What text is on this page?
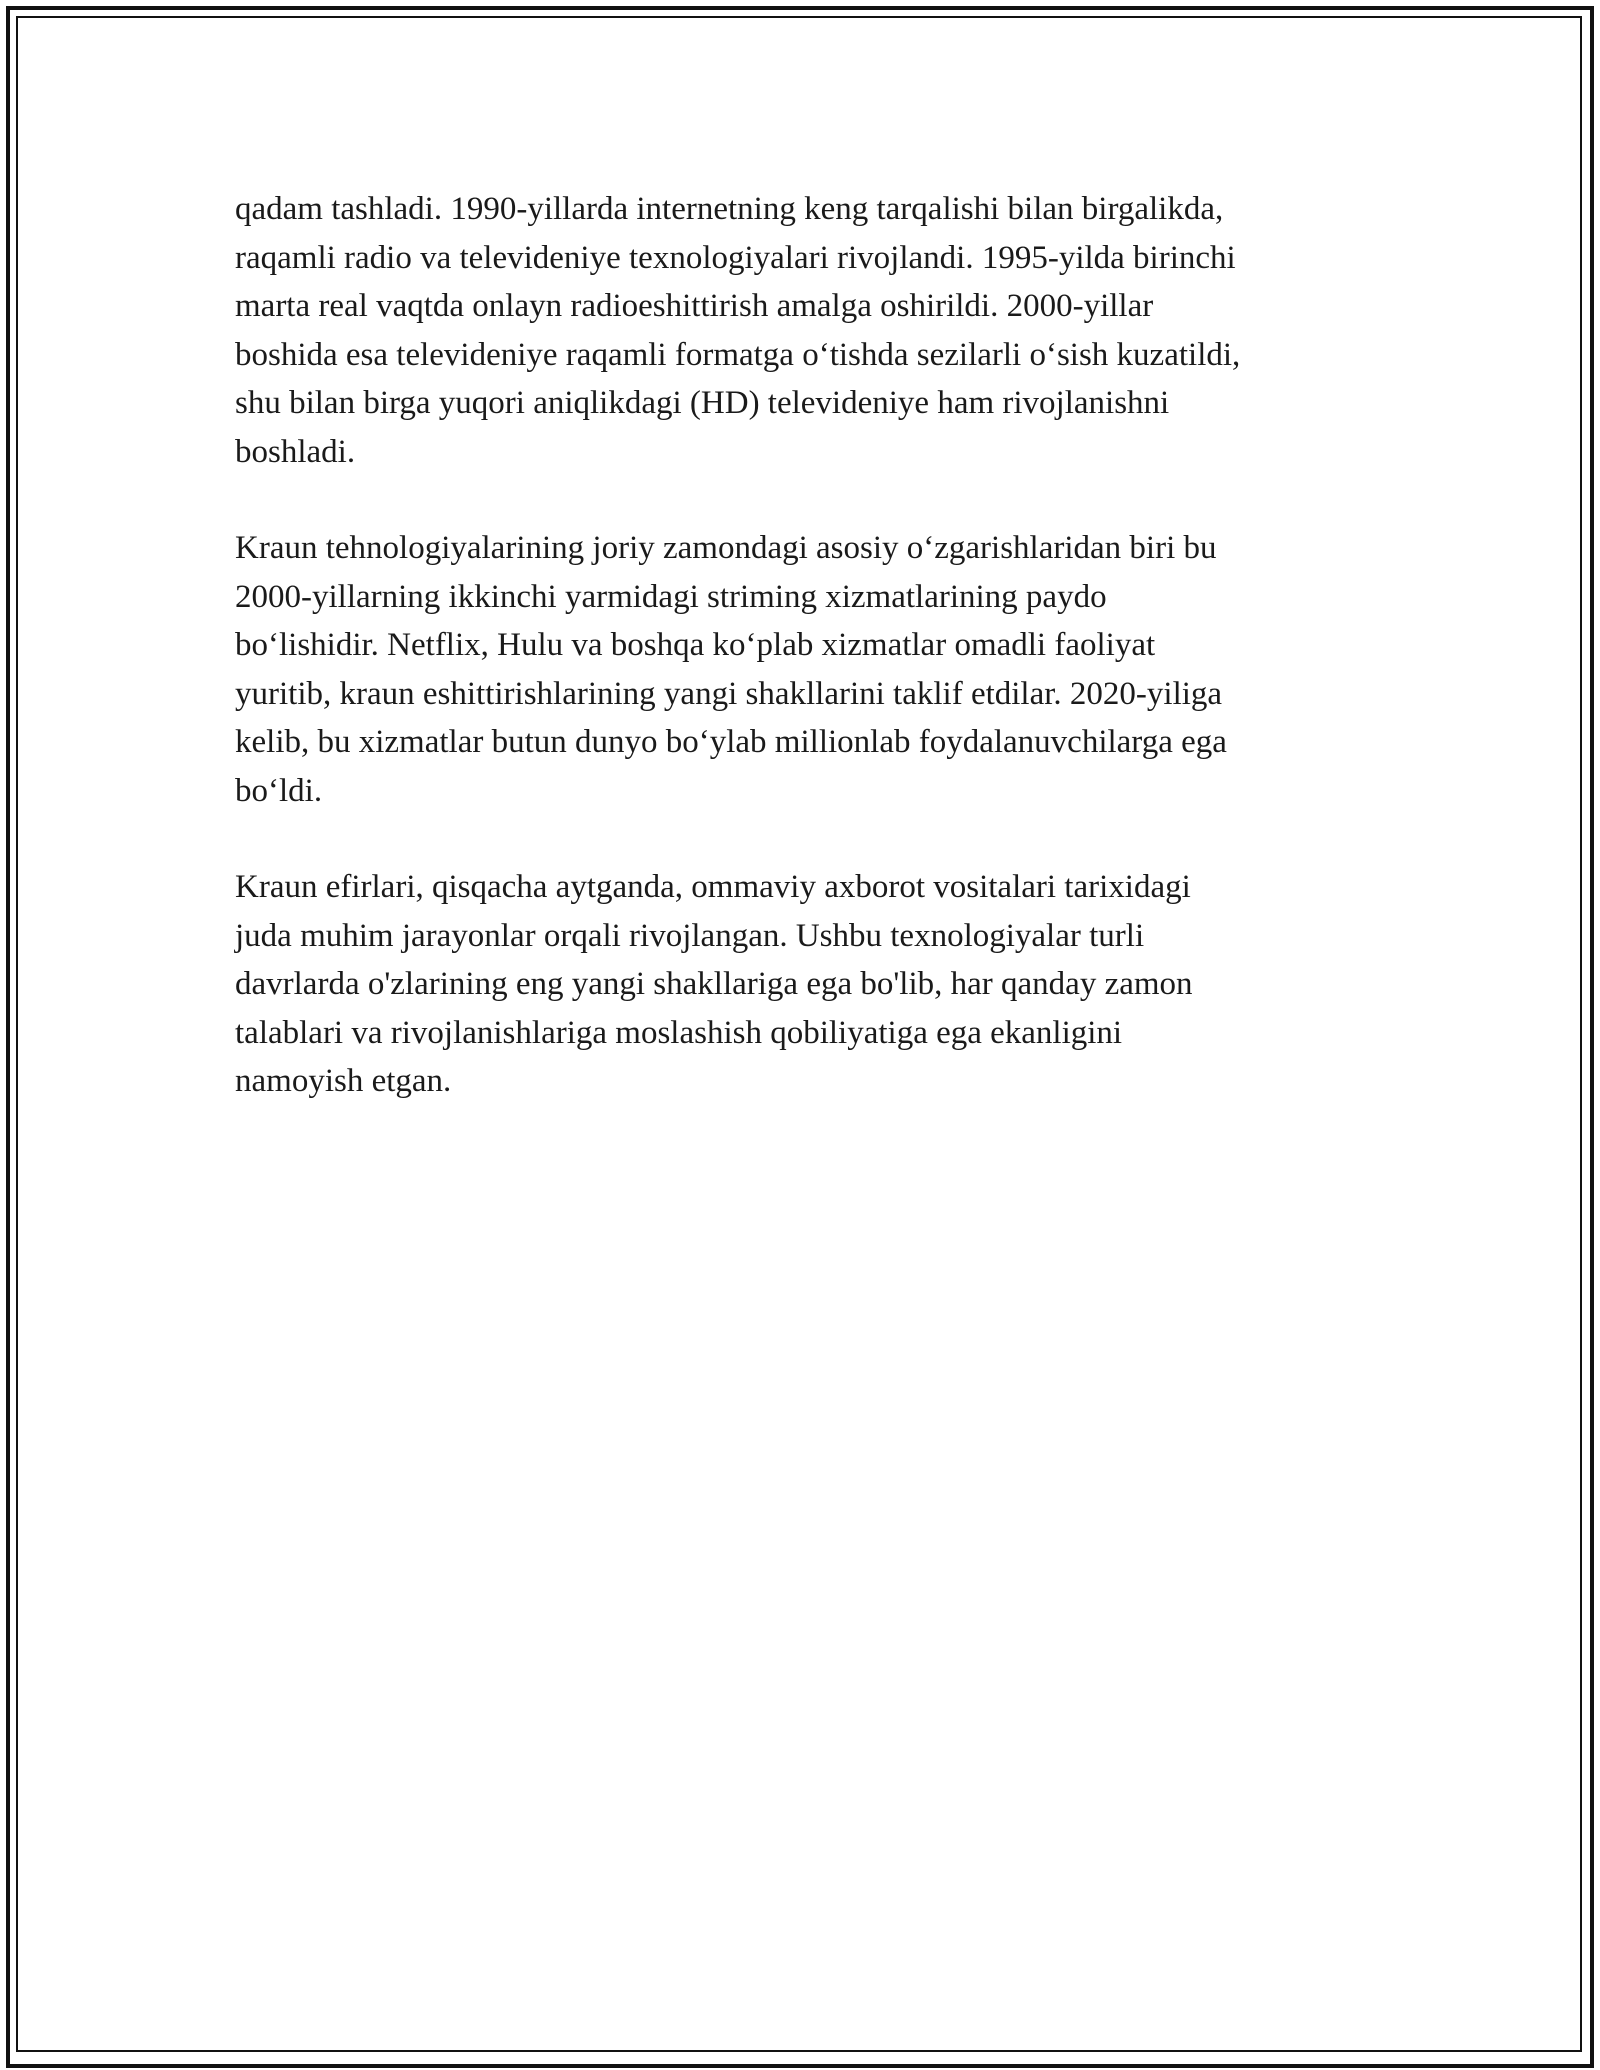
qadam tashladi. 1990-yillarda internetning keng tarqalishi bilan birgalikda,
raqamli radio va televideniye texnologiyalari rivojlandi. 1995-yilda birinchi
marta real vaqtda onlayn radioeshittirish amalga oshirildi. 2000-yillar
boshida esa televideniye raqamli formatga o‘tishda sezilarli o‘sish kuzatildi,
shu bilan birga yuqori aniqlikdagi (HD) televideniye ham rivojlanishni
boshladi.

Kraun tehnologiyalarining joriy zamondagi asosiy o‘zgarishlaridan biri bu
2000-yillarning ikkinchi yarmidagi striming xizmatlarining paydo
bo‘lishidir. Netflix, Hulu va boshqa ko‘plab xizmatlar omadli faoliyat
yuritib, kraun eshittirishlarining yangi shakllarini taklif etdilar. 2020-yiliga
kelib, bu xizmatlar butun dunyo bo‘ylab millionlab foydalanuvchilarga ega
bo‘ldi.

Kraun efirlari, qisqacha aytganda, ommaviy axborot vositalari tarixidagi
juda muhim jarayonlar orqali rivojlangan. Ushbu texnologiyalar turli
davrlarda o'zlarining eng yangi shakllariga ega bo'lib, har qanday zamon
talablari va rivojlanishlariga moslashish qobiliyatiga ega ekanligini
namoyish etgan.
